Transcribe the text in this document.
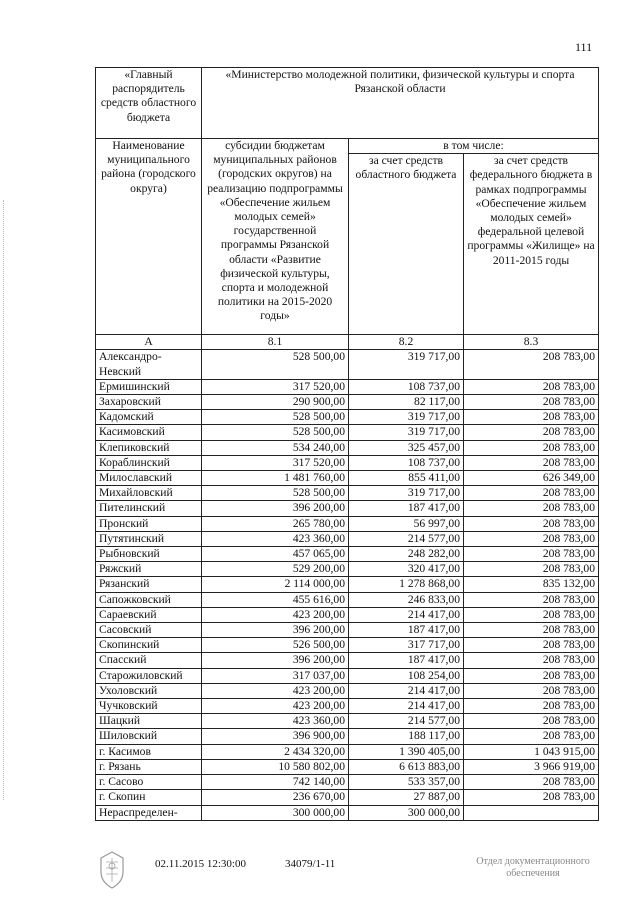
111
«Главный распорядитель средств областного бюджета	«Министерство молодежной политики, физической культуры и спорта Рязанской области		
Наименование муниципального района (городского округа)	субсидии бюджетам муниципальных районов (городских округов) на реализацию подпрограммы «Обеспечение жильем молодых семей» государственной программы Рязанской области «Развитие физической культуры, спорта и молодежной политики на 2015-2020 годы»	в том числе:	
		за счет средств областного бюджета	за счет средств федерального бюджета в рамках подпрограммы «Обеспечение жильем молодых семей» федеральной целевой программы «Жилище» на 2011-2015 годы
А	8.1	8.2	8.3
Александро-Невский	528 500,00	319 717,00	208 783,00
Ермишинский	317 520,00	108 737,00	208 783,00
Захаровский	290 900,00	82 117,00	208 783,00
Кадомский	528 500,00	319 717,00	208 783,00
Касимовский	528 500,00	319 717,00	208 783,00
Клепиковский	534 240,00	325 457,00	208 783,00
Кораблинский	317 520,00	108 737,00	208 783,00
Милославский	1 481 760,00	855 411,00	626 349,00
Михайловский	528 500,00	319 717,00	208 783,00
Пителинский	396 200,00	187 417,00	208 783,00
Пронский	265 780,00	56 997,00	208 783,00
Путятинский	423 360,00	214 577,00	208 783,00
Рыбновский	457 065,00	248 282,00	208 783,00
Ряжский	529 200,00	320 417,00	208 783,00
Рязанский	2 114 000,00	1 278 868,00	835 132,00
Сапожковский	455 616,00	246 833,00	208 783,00
Сараевский	423 200,00	214 417,00	208 783,00
Сасовский	396 200,00	187 417,00	208 783,00
Скопинский	526 500,00	317 717,00	208 783,00
Спасский	396 200,00	187 417,00	208 783,00
Старожиловский	317 037,00	108 254,00	208 783,00
Ухоловский	423 200,00	214 417,00	208 783,00
Чучковский	423 200,00	214 417,00	208 783,00
Шацкий	423 360,00	214 577,00	208 783,00
Шиловский	396 900,00	188 117,00	208 783,00
г. Касимов	2 434 320,00	1 390 405,00	1 043 915,00
г. Рязань	10 580 802,00	6 613 883,00	3 966 919,00
г. Сасово	742 140,00	533 357,00	208 783,00
г. Скопин	236 670,00	27 887,00	208 783,00
Нераспределен-	300 000,00	300 000,00	
02.11.2015 12:30:00	34079/1-11	Отдел документационного
обеспечения
